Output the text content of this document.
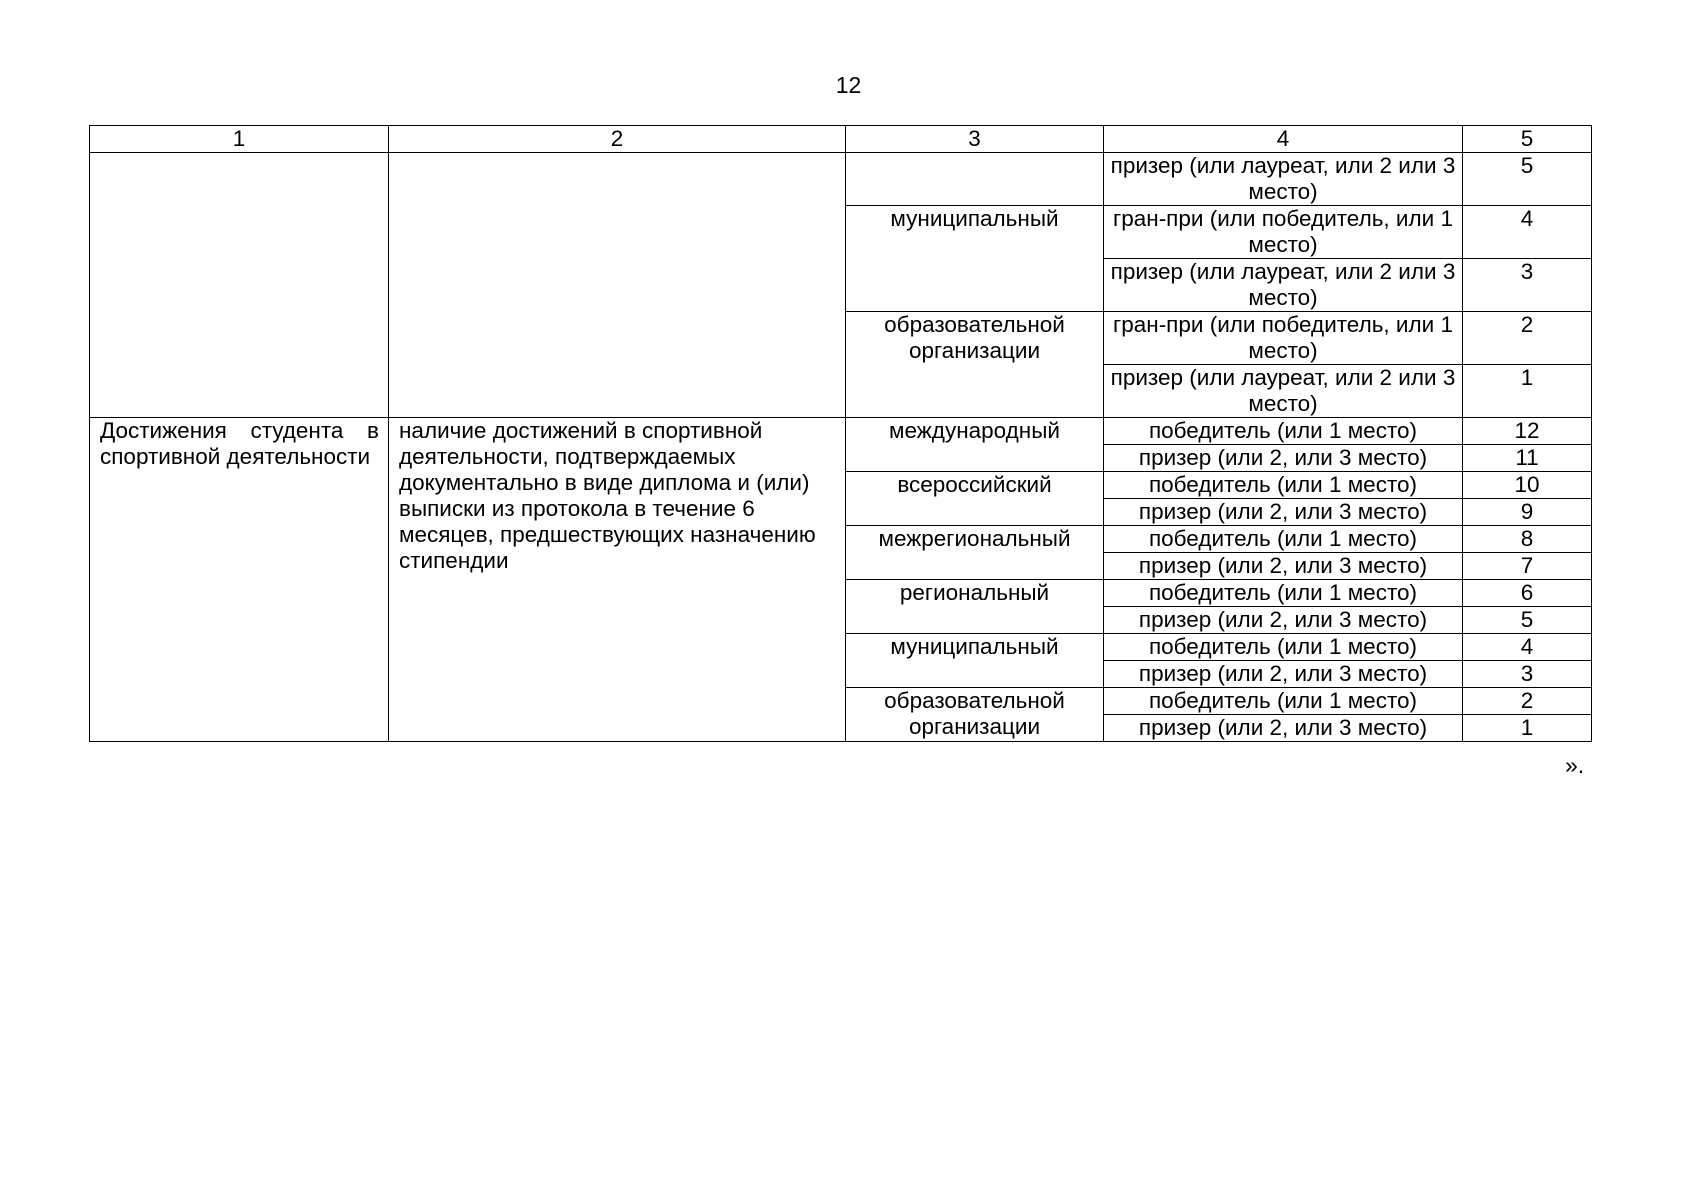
12
1	2	3	4	5
			призер (или лауреат, или 2 или 3 место)	5
		муниципальный	гран-при (или победитель, или 1 место)	4
			призер (или лауреат, или 2 или 3 место)	3
		образовательной организации	гран-при (или победитель, или 1 место)	2
			призер (или лауреат, или 2 или 3 место)	1
Достижения студента в спортивной деятельности	наличие достижений в спортивной деятельности, подтверждаемых документально в виде диплома и (или) выписки из протокола в течение 6 месяцев, предшествующих назначению стипендии	международный	победитель (или 1 место)	12
			призер (или 2, или 3 место)	11
		всероссийский	победитель (или 1 место)	10
			призер (или 2, или 3 место)	9
		межрегиональный	победитель (или 1 место)	8
			призер (или 2, или 3 место)	7
		региональный	победитель (или 1 место)	6
			призер (или 2, или 3 место)	5
		муниципальный	победитель (или 1 место)	4
			призер (или 2, или 3 место)	3
		образовательной организации	победитель (или 1 место)	2
			призер (или 2, или 3 место)	1
».
